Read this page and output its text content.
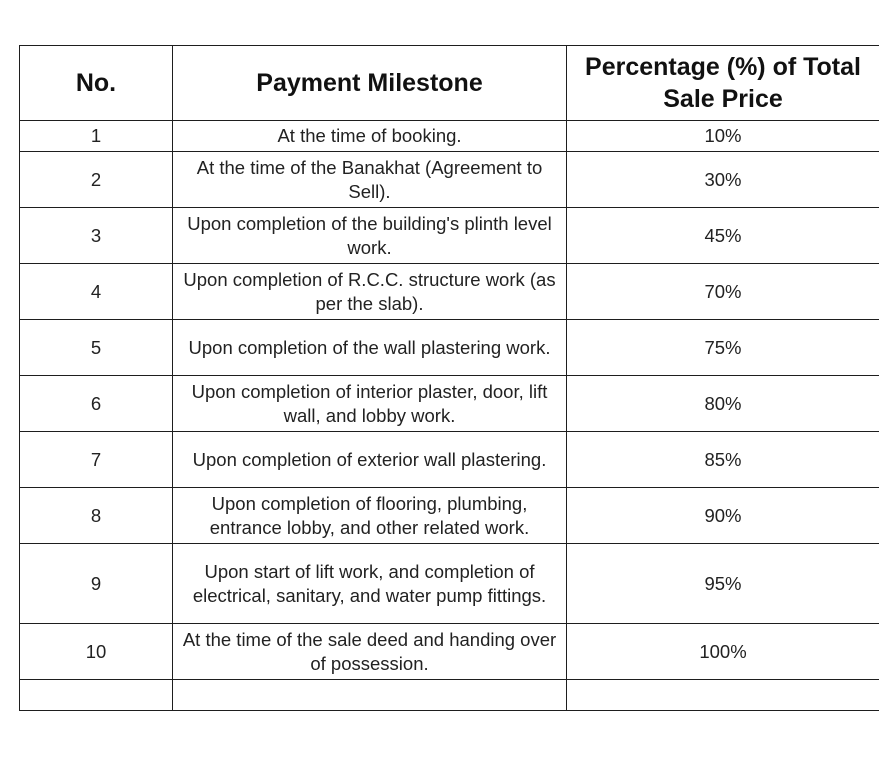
No.	Payment Milestone	Percentage (%) of Total Sale Price
1	At the time of booking.	10%
2	At the time of the Banakhat (Agreement to Sell).	30%
3	Upon completion of the building's plinth level work.	45%
4	Upon completion of R.C.C. structure work (as per the slab).	70%
5	Upon completion of the wall plastering work.	75%
6	Upon completion of interior plaster, door, lift wall, and lobby work.	80%
7	Upon completion of exterior wall plastering.	85%
8	Upon completion of flooring, plumbing, entrance lobby, and other related work.	90%
9	Upon start of lift work, and completion of electrical, sanitary, and water pump fittings.	95%
10	At the time of the sale deed and handing over of possession.	100%
